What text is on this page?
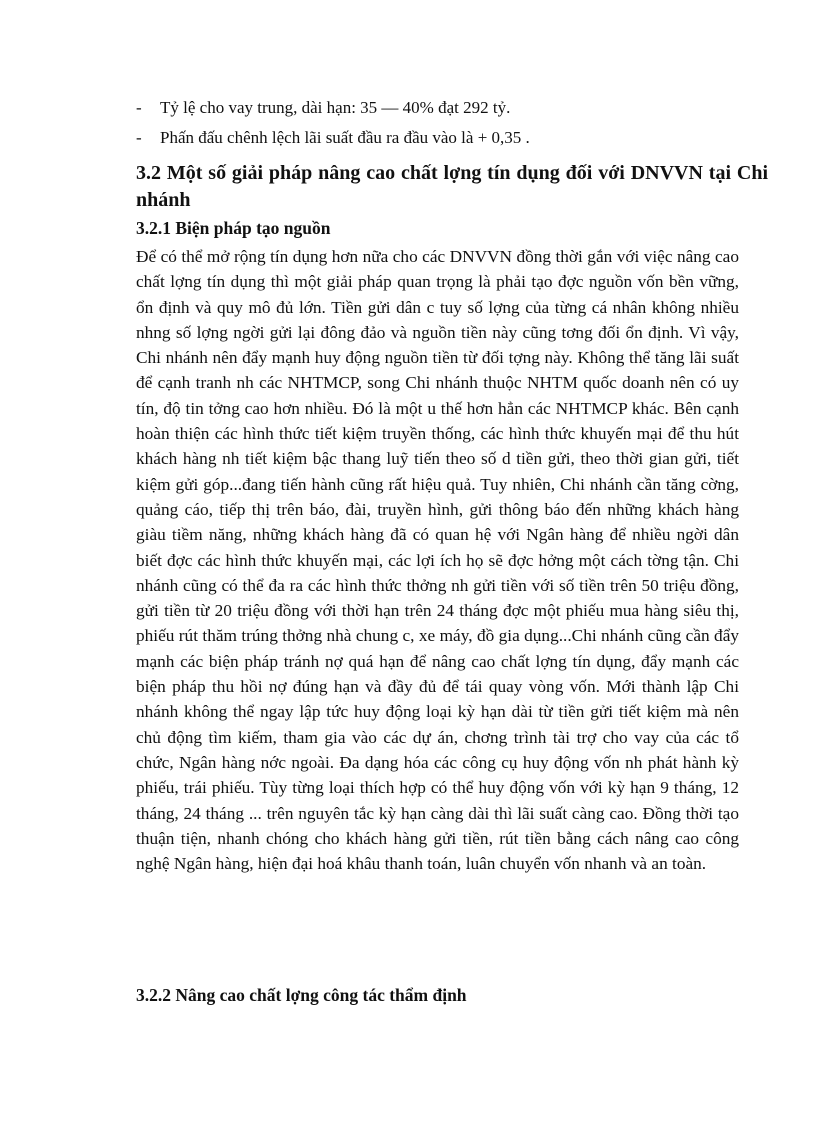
-	Tỷ lệ cho vay trung, dài hạn: 35 — 40% đạt 292 tỷ.
-	Phấn đấu chênh lệch lãi suất đầu ra đầu vào là + 0,35 .
3.2 Một số giải pháp nâng cao chất lợng tín dụng đối với DNVVN tại Chi nhánh
3.2.1 Biện pháp tạo nguồn
Để có thể mở rộng tín dụng hơn nữa cho các DNVVN đồng thời gắn với việc nâng cao chất lợng tín dụng thì một giải pháp quan trọng là phải tạo đợc nguồn vốn bền vững, ổn định và quy mô đủ lớn. Tiền gửi dân c tuy số lợng của từng cá nhân không nhiều nhng số lợng ngời gửi lại đông đảo và nguồn tiền này cũng tơng đối ổn định. Vì vậy, Chi nhánh nên đẩy mạnh huy động nguồn tiền từ đối tợng này. Không thể tăng lãi suất để cạnh tranh nh các NHTMCP, song Chi nhánh thuộc NHTM quốc doanh nên có uy tín, độ tin tởng cao hơn nhiều. Đó là một u thế hơn hẳn các NHTMCP khác. Bên cạnh hoàn thiện các hình thức tiết kiệm truyền thống, các hình thức khuyến mại để thu hút khách hàng nh tiết kiệm bậc thang luỹ tiến theo số d tiền gửi, theo thời gian gửi, tiết kiệm gửi góp...đang tiến hành cũng rất hiệu quả. Tuy nhiên, Chi nhánh cần tăng cờng, quảng cáo, tiếp thị trên báo, đài, truyền hình, gửi thông báo đến những khách hàng giàu tiềm năng, những khách hàng đã có quan hệ với Ngân hàng để nhiều ngời dân biết đợc các hình thức khuyến mại, các lợi ích họ sẽ đợc hởng một cách tờng tận. Chi nhánh cũng có thể đa ra các hình thức thởng nh gửi tiền với số tiền trên 50 triệu đồng, gửi tiền từ 20 triệu đồng với thời hạn trên 24 tháng đợc một phiếu mua hàng siêu thị, phiếu rút thăm trúng thởng nhà chung c, xe máy, đồ gia dụng...Chi nhánh cũng cần đẩy mạnh các biện pháp tránh nợ quá hạn để nâng cao chất lợng tín dụng, đẩy mạnh các biện pháp thu hồi nợ đúng hạn và đầy đủ để tái quay vòng vốn. Mới thành lập Chi nhánh không thể ngay lập tức huy động loại kỳ hạn dài từ tiền gửi tiết kiệm mà nên chủ động tìm kiếm, tham gia vào các dự án, chơng trình tài trợ cho vay của các tổ chức, Ngân hàng nớc ngoài. Đa dạng hóa các công cụ huy động vốn nh phát hành kỳ phiếu, trái phiếu. Tùy từng loại thích hợp có thể huy động vốn với kỳ hạn 9 tháng, 12 tháng, 24 tháng ... trên nguyên tắc kỳ hạn càng dài thì lãi suất càng cao. Đồng thời tạo thuận tiện, nhanh chóng cho khách hàng gửi tiền, rút tiền bằng cách nâng cao công nghệ Ngân hàng, hiện đại hoá khâu thanh toán, luân chuyển vốn nhanh và an toàn.
3.2.2 Nâng cao chất lợng công tác thẩm định
